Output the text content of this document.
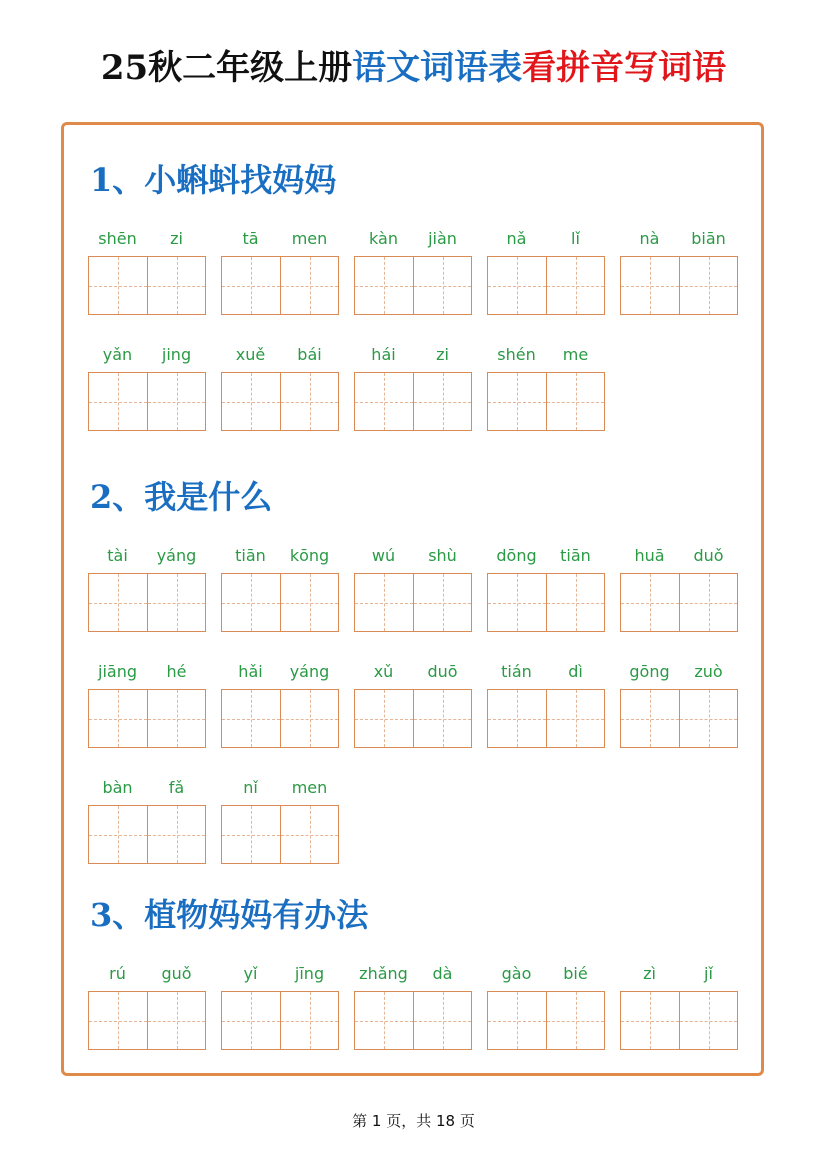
25秋二年级上册语文词语表看拼音写词语
1、小蝌蚪找妈妈
shēn	zi	tā	men	kàn	jiàn	nǎ	lǐ	nà	biān
yǎn	jing	xuě	bái	hái	zi	shén	me
2、我是什么
tài	yáng	tiān	kōng	wú	shù	dōng	tiān	huā	duǒ
jiāng	hé	hǎi	yáng	xǔ	duō	tián	dì	gōng	zuò
bàn	fǎ	nǐ	men
3、植物妈妈有办法
rú	guǒ	yǐ	jīng	zhǎng	dà	gào	bié	zì	jǐ
第 1 页，共 18 页
